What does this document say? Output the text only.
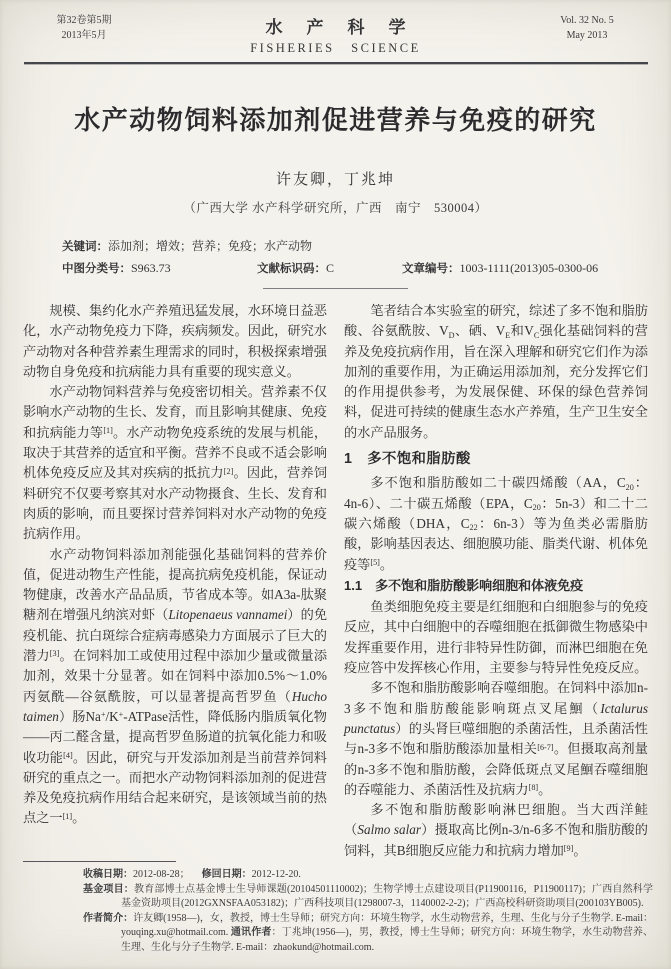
第32卷第5期
2013年5月	水产科学
FISHERIES SCIENCE
Vol. 32 No. 5
May 2013
水产动物饲料添加剂促进营养与免疫的研究
许友卿，丁兆坤
（广西大学 水产科学研究所，广西　南宁　530004）
关键词：添加剂；增效；营养；免疫；水产动物
中图分类号：S963.73	文献标识码：C	文章编号：1003-1111(2013)05-0300-06

规模、集约化水产养殖迅猛发展，水环境日益恶化，水产动物免疫力下降，疾病频发。因此，研究水产动物对各种营养素生理需求的同时，积极探索增强动物自身免疫和抗病能力具有重要的现实意义。

水产动物饲料营养与免疫密切相关。营养素不仅影响水产动物的生长、发育，而且影响其健康、免疫和抗病能力等[1]。水产动物免疫系统的发展与机能，取决于其营养的适宜和平衡。营养不良或不适会影响机体免疫反应及其对疾病的抵抗力[2]。因此，营养饲料研究不仅要考察其对水产动物摄食、生长、发育和肉质的影响，而且要探讨营养饲料对水产动物的免疫抗病作用。

水产动物饲料添加剂能强化基础饲料的营养价值，促进动物生产性能，提高抗病免疫机能，保证动物健康，改善水产品品质，节省成本等。如A3a-肽聚糖剂在增强凡纳滨对虾（Litopenaeus vannamei）的免疫机能、抗白斑综合症病毒感染力方面展示了巨大的潜力[3]。在饲料加工或使用过程中添加少量或微量添加剂，效果十分显著。如在饲料中添加0.5%～1.0%丙氨酰—谷氨酰胺，可以显著提高哲罗鱼（Hucho taimen）肠Na+/K+-ATPase活性，降低肠内脂质氧化物——丙二醛含量，提高哲罗鱼肠道的抗氧化能力和吸收功能[4]。因此，研究与开发添加剂是当前营养饲料研究的重点之一。而把水产动物饲料添加剂的促进营养及免疫抗病作用结合起来研究，是该领域当前的热点之一[1]。

笔者结合本实验室的研究，综述了多不饱和脂肪酸、谷氨酰胺、$V_D$、硒、$V_E$和$V_C$强化基础饲料的营养及免疫抗病作用，旨在深入理解和研究它们作为添加剂的重要作用，为正确运用添加剂，充分发挥它们的作用提供参考，为发展保健、环保的绿色营养饲料，促进可持续的健康生态水产养殖，生产卫生安全的水产品服务。

1　多不饱和脂肪酸

多不饱和脂肪酸如二十碳四烯酸（AA，$C_{20}$：4n-6）、二十碳五烯酸（EPA，$C_{20}$：5n-3）和二十二碳六烯酸（DHA，$C_{22}$：6n-3）等为鱼类必需脂肪酸，影响基因表达、细胞膜功能、脂类代谢、机体免疫等[5]。

1.1　多不饱和脂肪酸影响细胞和体液免疫

鱼类细胞免疫主要是红细胞和白细胞参与的免疫反应，其中白细胞中的吞噬细胞在抵御微生物感染中发挥重要作用，进行非特异性防御，而淋巴细胞在免疫应答中发挥核心作用，主要参与特异性免疫反应。

多不饱和脂肪酸影响吞噬细胞。在饲料中添加n-3多不饱和脂肪酸能影响斑点叉尾鮰（Ictalurus punctatus）的头肾巨噬细胞的杀菌活性，且杀菌活性与n-3多不饱和脂肪酸添加量相关[6-7]。但摄取高剂量的n-3多不饱和脂肪酸，会降低斑点叉尾鮰吞噬细胞的吞噬能力、杀菌活性及抗病力[8]。

多不饱和脂肪酸影响淋巴细胞。当大西洋鲑（Salmo salar）摄取高比例n-3/n-6多不饱和脂肪酸的饲料，其B细胞反应能力和抗病力增加[9]。

收稿日期：2012-08-28； 修回日期：2012-12-20.
基金项目：教育部博士点基金博士生导师课题(20104501110002)；生物学博士点建设项目(P11900116，P11900117)；广西自然科学基金资助项目(2012GXNSFAA053182)；广西科技项目(1298007-3，1140002-2-2)；广西高校科研资助项目(200103YB005).
作者简介：许友卿(1958—)，女，教授，博士生导师；研究方向：环境生物学，水生动物营养，生理、生化与分子生物学. E-mail：youqing.xu@hotmail.com. 通讯作者：丁兆坤(1956—)，男，教授，博士生导师；研究方向：环境生物学，水生动物营养、生理、生化与分子生物学. E-mail：zhaokund@hotmail.com.
